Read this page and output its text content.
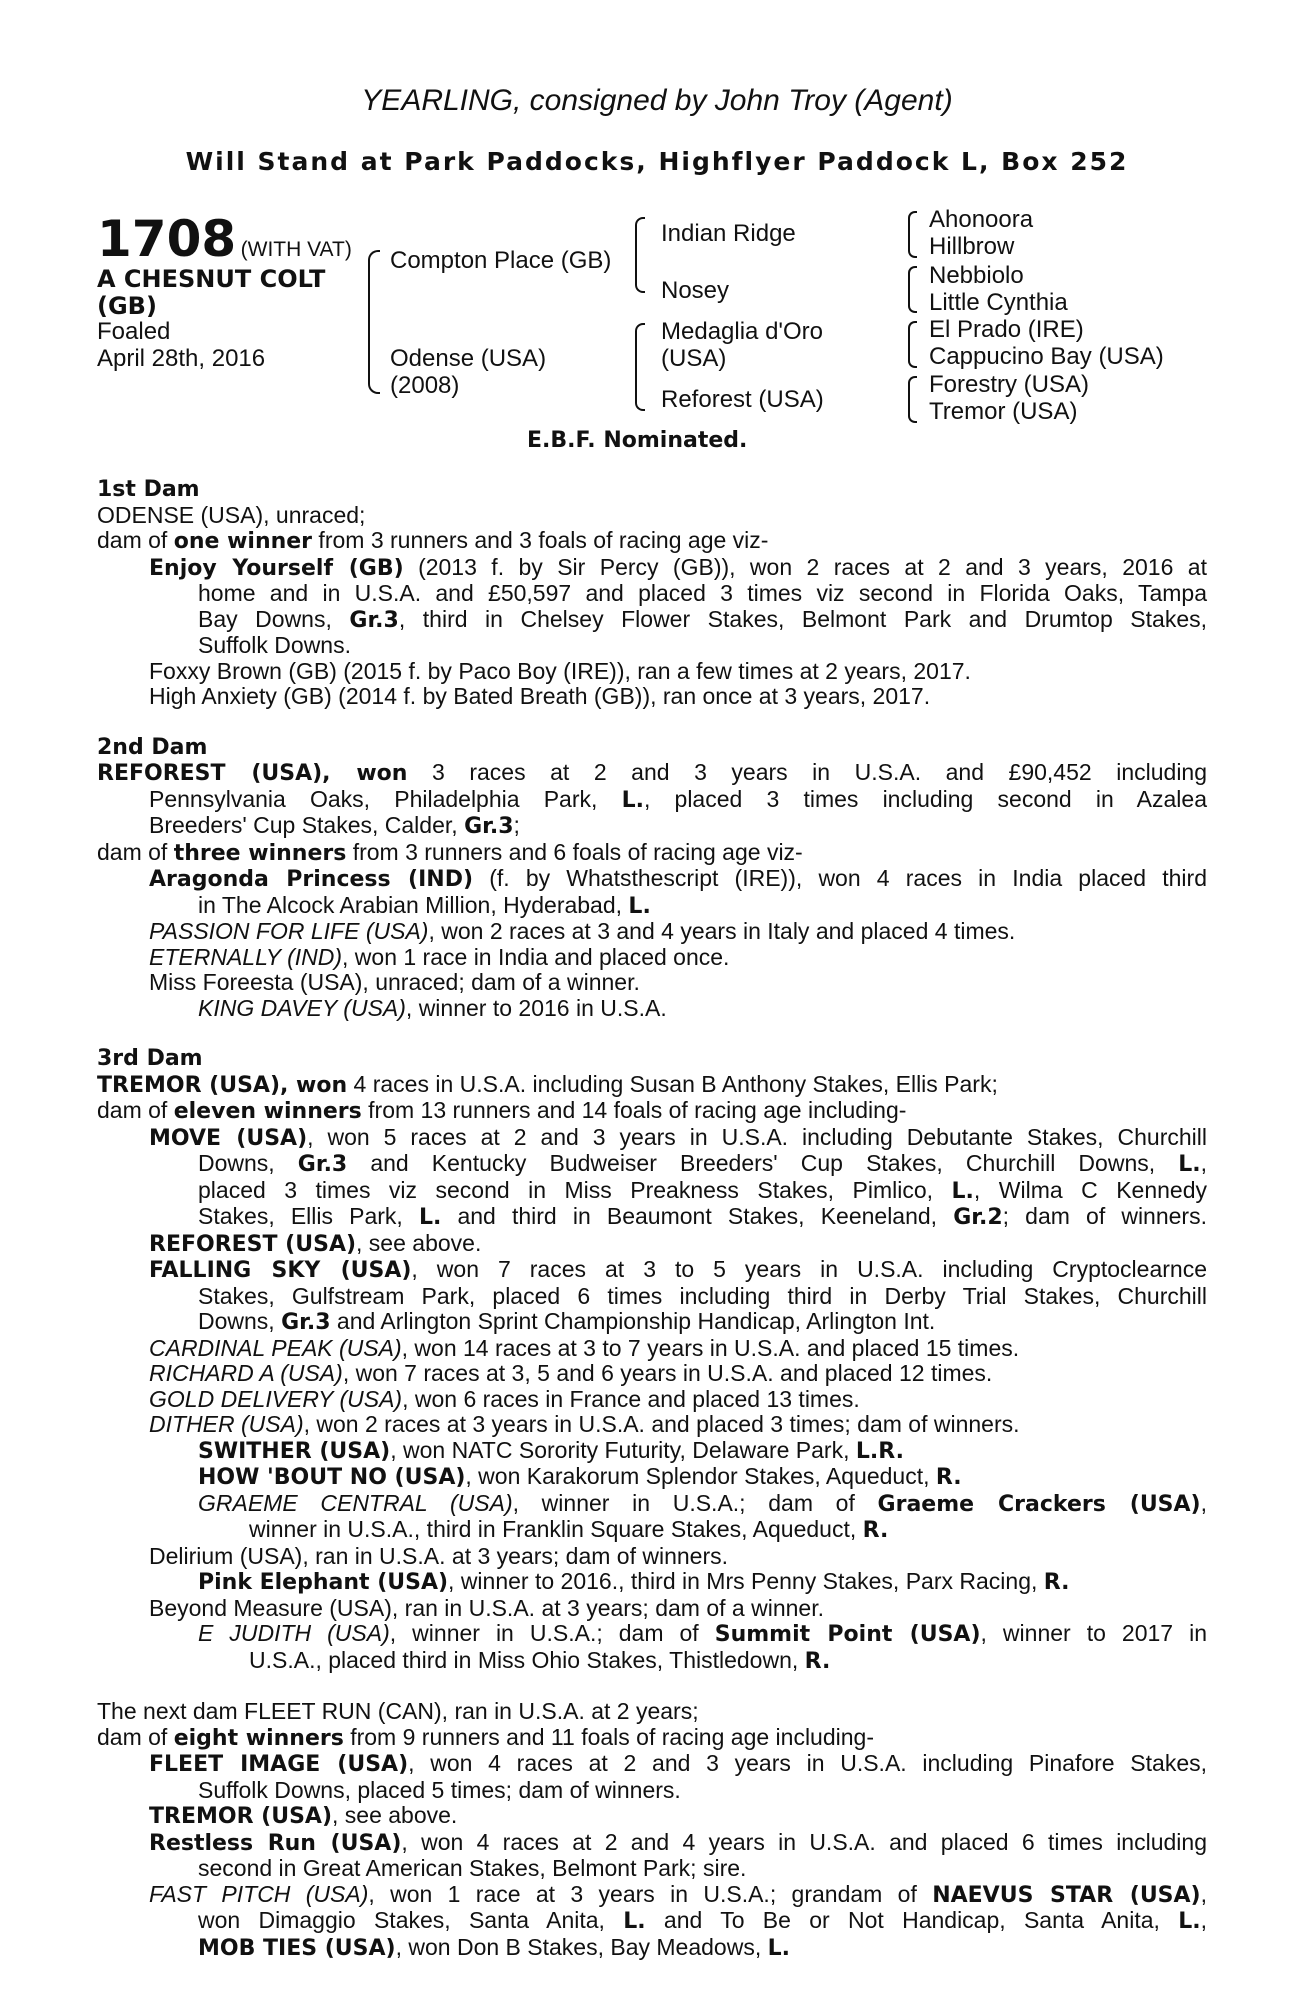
YEARLING, consigned by John Troy (Agent)
Will Stand at Park Paddocks, Highflyer Paddock L, Box 252
1708 (WITH VAT)
A CHESNUT COLT
(GB)
Foaled
April 28th, 2016
Compton Place (GB)
Odense (USA)
(2008)
Indian Ridge
Nosey
Medaglia d'Oro
(USA)
Reforest (USA)
Ahonoora
Hillbrow
Nebbiolo
Little Cynthia
El Prado (IRE)
Cappucino Bay (USA)
Forestry (USA)
Tremor (USA)
E.B.F. Nominated.
1st Dam
ODENSE (USA), unraced;
dam of one winner from 3 runners and 3 foals of racing age viz-
Enjoy Yourself (GB) (2013 f. by Sir Percy (GB)), won 2 races at 2 and 3 years, 2016 at
home and in U.S.A. and £50,597 and placed 3 times viz second in Florida Oaks, Tampa
Bay Downs, Gr.3, third in Chelsey Flower Stakes, Belmont Park and Drumtop Stakes,
Suffolk Downs.
Foxxy Brown (GB) (2015 f. by Paco Boy (IRE)), ran a few times at 2 years, 2017.
High Anxiety (GB) (2014 f. by Bated Breath (GB)), ran once at 3 years, 2017.
2nd Dam
REFOREST (USA), won 3 races at 2 and 3 years in U.S.A. and £90,452 including
Pennsylvania Oaks, Philadelphia Park, L., placed 3 times including second in Azalea
Breeders' Cup Stakes, Calder, Gr.3;
dam of three winners from 3 runners and 6 foals of racing age viz-
Aragonda Princess (IND) (f. by Whatsthescript (IRE)), won 4 races in India placed third
in The Alcock Arabian Million, Hyderabad, L.
PASSION FOR LIFE (USA), won 2 races at 3 and 4 years in Italy and placed 4 times.
ETERNALLY (IND), won 1 race in India and placed once.
Miss Foreesta (USA), unraced; dam of a winner.
KING DAVEY (USA), winner to 2016 in U.S.A.
3rd Dam
TREMOR (USA), won 4 races in U.S.A. including Susan B Anthony Stakes, Ellis Park;
dam of eleven winners from 13 runners and 14 foals of racing age including-
MOVE (USA), won 5 races at 2 and 3 years in U.S.A. including Debutante Stakes, Churchill
Downs, Gr.3 and Kentucky Budweiser Breeders' Cup Stakes, Churchill Downs, L.,
placed 3 times viz second in Miss Preakness Stakes, Pimlico, L., Wilma C Kennedy
Stakes, Ellis Park, L. and third in Beaumont Stakes, Keeneland, Gr.2; dam of winners.
REFOREST (USA), see above.
FALLING SKY (USA), won 7 races at 3 to 5 years in U.S.A. including Cryptoclearnce
Stakes, Gulfstream Park, placed 6 times including third in Derby Trial Stakes, Churchill
Downs, Gr.3 and Arlington Sprint Championship Handicap, Arlington Int.
CARDINAL PEAK (USA), won 14 races at 3 to 7 years in U.S.A. and placed 15 times.
RICHARD A (USA), won 7 races at 3, 5 and 6 years in U.S.A. and placed 12 times.
GOLD DELIVERY (USA), won 6 races in France and placed 13 times.
DITHER (USA), won 2 races at 3 years in U.S.A. and placed 3 times; dam of winners.
SWITHER (USA), won NATC Sorority Futurity, Delaware Park, L.R.
HOW 'BOUT NO (USA), won Karakorum Splendor Stakes, Aqueduct, R.
GRAEME CENTRAL (USA), winner in U.S.A.; dam of Graeme Crackers (USA),
winner in U.S.A., third in Franklin Square Stakes, Aqueduct, R.
Delirium (USA), ran in U.S.A. at 3 years; dam of winners.
Pink Elephant (USA), winner to 2016., third in Mrs Penny Stakes, Parx Racing, R.
Beyond Measure (USA), ran in U.S.A. at 3 years; dam of a winner.
E JUDITH (USA), winner in U.S.A.; dam of Summit Point (USA), winner to 2017 in
U.S.A., placed third in Miss Ohio Stakes, Thistledown, R.
The next dam FLEET RUN (CAN), ran in U.S.A. at 2 years;
dam of eight winners from 9 runners and 11 foals of racing age including-
FLEET IMAGE (USA), won 4 races at 2 and 3 years in U.S.A. including Pinafore Stakes,
Suffolk Downs, placed 5 times; dam of winners.
TREMOR (USA), see above.
Restless Run (USA), won 4 races at 2 and 4 years in U.S.A. and placed 6 times including
second in Great American Stakes, Belmont Park; sire.
FAST PITCH (USA), won 1 race at 3 years in U.S.A.; grandam of NAEVUS STAR (USA),
won Dimaggio Stakes, Santa Anita, L. and To Be or Not Handicap, Santa Anita, L.,
MOB TIES (USA), won Don B Stakes, Bay Meadows, L.
